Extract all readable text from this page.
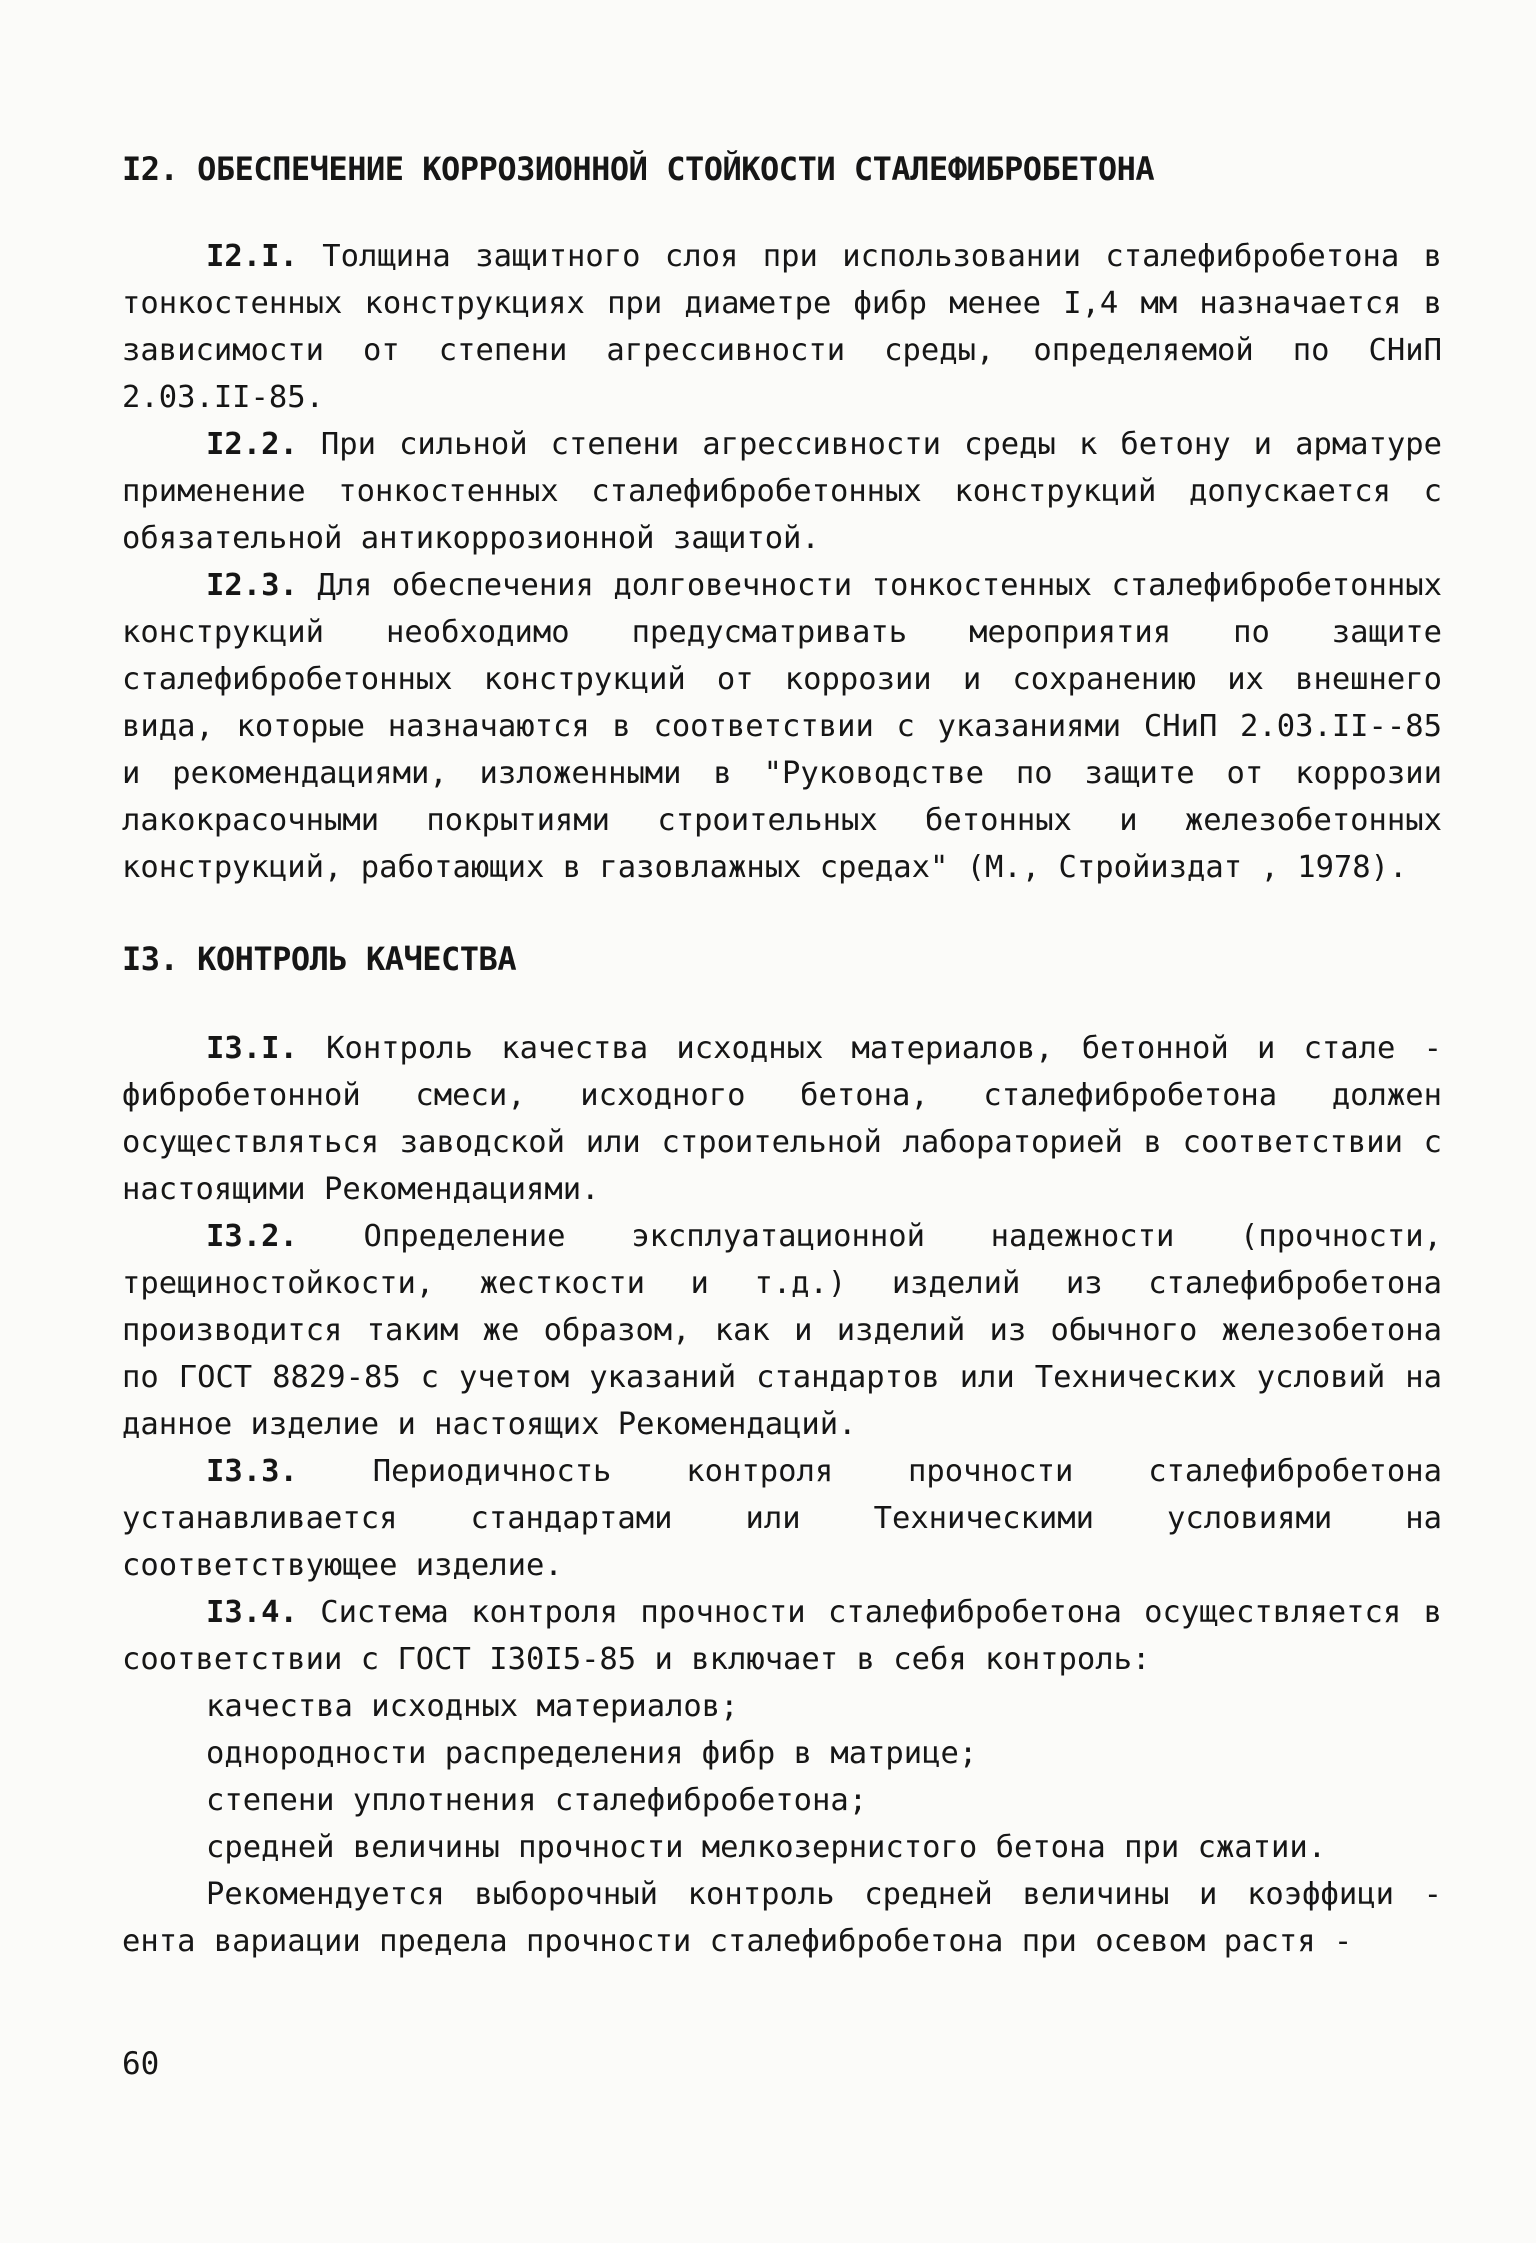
I2. ОБЕСПЕЧЕНИЕ КОРРОЗИОННОЙ СТОЙКОСТИ СТАЛЕФИБРОБЕТОНА

I2.I. Толщина защитного слоя при использовании сталефибробетона в тонкостенных конструкциях при диаметре фибр менее I,4 мм назначается в зависимости от степени агрессивности среды, определяемой по СНиП 2.03.II-85.

I2.2. При сильной степени агрессивности среды к бетону и арматуре применение тонкостенных сталефибробетонных конструкций допускается с обязательной антикоррозионной защитой.

I2.3. Для обеспечения долговечности тонкостенных сталефибробетонных конструкций необходимо предусматривать мероприятия по защите сталефибробетонных конструкций от коррозии и сохранению их внешнего вида, которые назначаются в соответствии с указаниями СНиП 2.03.II--85 и рекомендациями, изложенными в "Руководстве по защите от коррозии лакокрасочными покрытиями строительных бетонных и железобетонных конструкций, работающих в газовлажных средах" (М., Стройиздат , 1978).

I3. КОНТРОЛЬ КАЧЕСТВА

I3.I. Контроль качества исходных материалов, бетонной и стале - фибробетонной смеси, исходного бетона, сталефибробетона должен осуществляться заводской или строительной лабораторией в соответствии с настоящими Рекомендациями.

I3.2. Определение эксплуатационной надежности (прочности, трещиностойкости, жесткости и т.д.) изделий из сталефибробетона производится таким же образом, как и изделий из обычного железобетона по ГОСТ 8829-85 с учетом указаний стандартов или Технических условий на данное изделие и настоящих Рекомендаций.

I3.3. Периодичность контроля прочности сталефибробетона устанавливается стандартами или Техническими условиями на соответствующее изделие.

I3.4. Система контроля прочности сталефибробетона осуществляется в соответствии с ГОСТ I30I5-85 и включает в себя контроль:

качества исходных материалов;

однородности распределения фибр в матрице;

степени уплотнения сталефибробетона;

средней величины прочности мелкозернистого бетона при сжатии.

Рекомендуется выборочный контроль средней величины и коэффици - ента вариации предела прочности сталефибробетона при осевом растя -

60
